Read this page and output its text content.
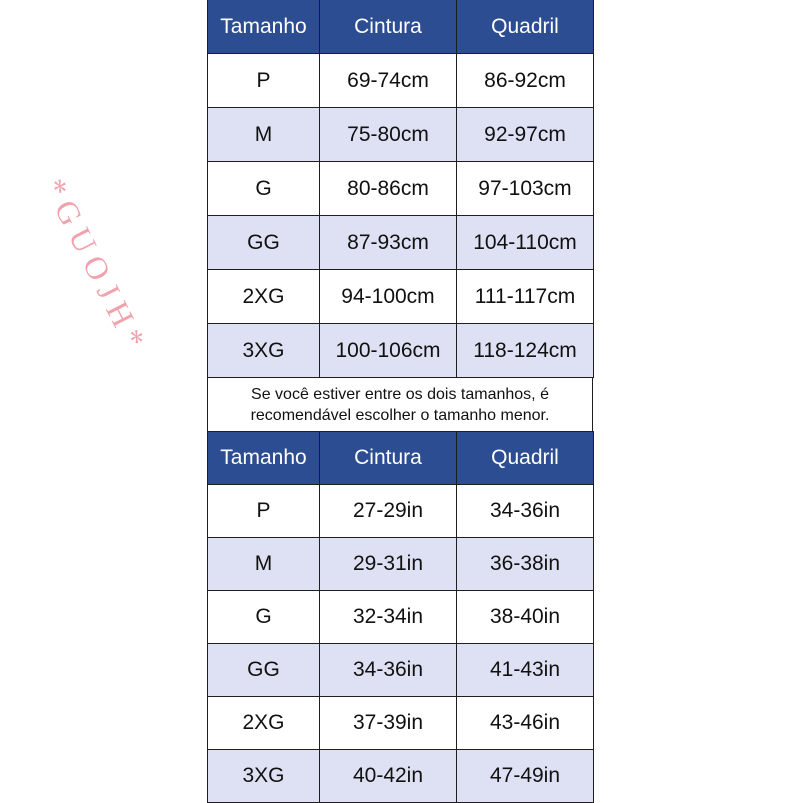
*GUOJH*
Tamanho	Cintura	Quadril
P	69-74cm	86-92cm
M	75-80cm	92-97cm
G	80-86cm	97-103cm
GG	87-93cm	104-110cm
2XG	94-100cm	111-117cm
3XG	100-106cm	118-124cm
Se você estiver entre os dois tamanhos, é
recomendável escolher o tamanho menor.
Tamanho	Cintura	Quadril
P	27-29in	34-36in
M	29-31in	36-38in
G	32-34in	38-40in
GG	34-36in	41-43in
2XG	37-39in	43-46in
3XG	40-42in	47-49in
